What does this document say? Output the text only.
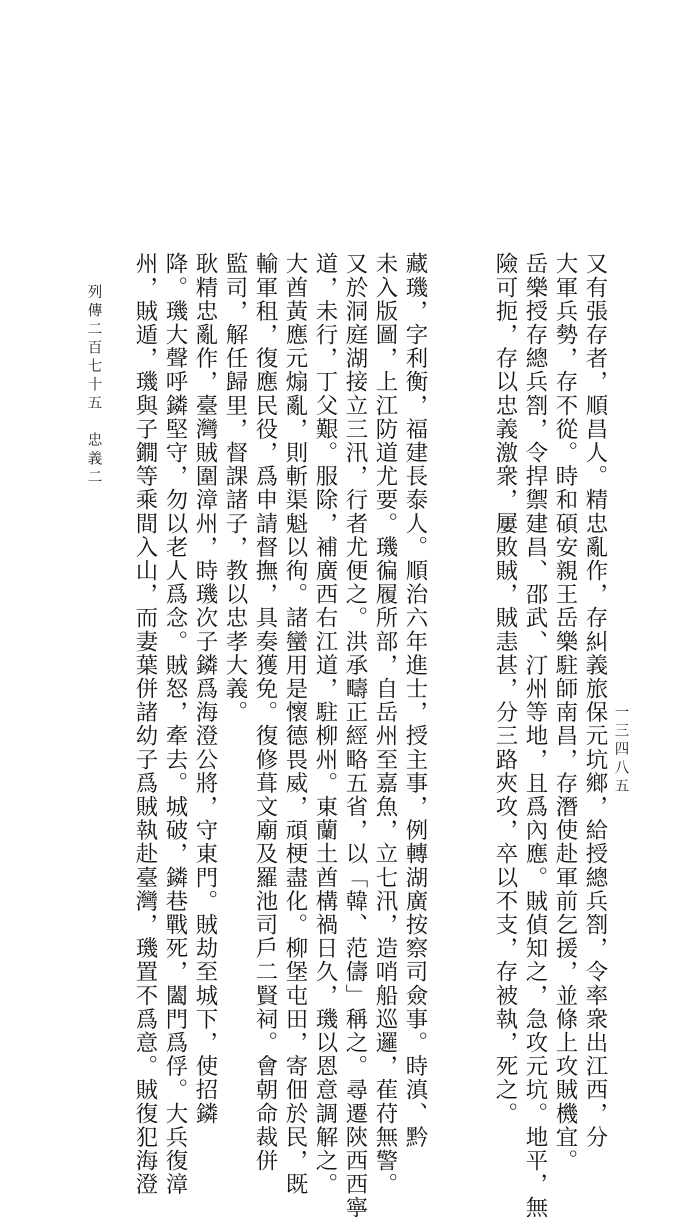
又有張存者，順昌人。精忠亂作，存糾義旅保元坑鄉，給授總兵劄，令率衆出江西，分
大軍兵勢，存不從。時和碩安親王岳樂駐師南昌，存潛使赴軍前乞援，並條上攻賊機宜。
岳樂授存總兵劄，令捍禦建昌、邵武、汀州等地，且爲內應。賊偵知之，急攻元坑。地平，無
險可扼，存以忠義激衆，屢敗賊，賊恚甚，分三路夾攻，卒以不支，存被執，死之。
藏璣，字利衡，福建長泰人。順治六年進士，授主事，例轉湖廣按察司僉事。時滇、黔
未入版圖，上江防道尤要。璣徧履所部，自岳州至嘉魚，立七汛，造哨船巡邏，萑苻無警。
又於洞庭湖接立三汛，行者尤便之。洪承疇正經略五省，以「韓、范儔」稱之。尋遷陝西西寧
道，未行，丁父艱。服除，補廣西右江道，駐柳州。東蘭土酋構禍日久，璣以恩意調解之。
大酋黃應元煽亂，則斬渠魁以徇。諸蠻用是懷德畏威，頑梗盡化。柳堡屯田，寄佃於民，既
輸軍租，復應民役，爲申請督撫，具奏獲免。復修葺文廟及羅池司戶二賢祠。會朝命裁併
監司，解任歸里，督課諸子，教以忠孝大義。
耿精忠亂作，臺灣賊圍漳州，時璣次子鏻爲海澄公將，守東門。賊劫至城下，使招鏻
降。璣大聲呼鏻堅守，勿以老人爲念。賊怒，牽去。城破，鏻巷戰死，闔門爲俘。大兵復漳
州，賊遁，璣與子鐗等乘間入山，而妻葉併諸幼子爲賊執赴臺灣，璣置不爲意。賊復犯海澄
列傳二百七十五　忠義二
一三四八五
